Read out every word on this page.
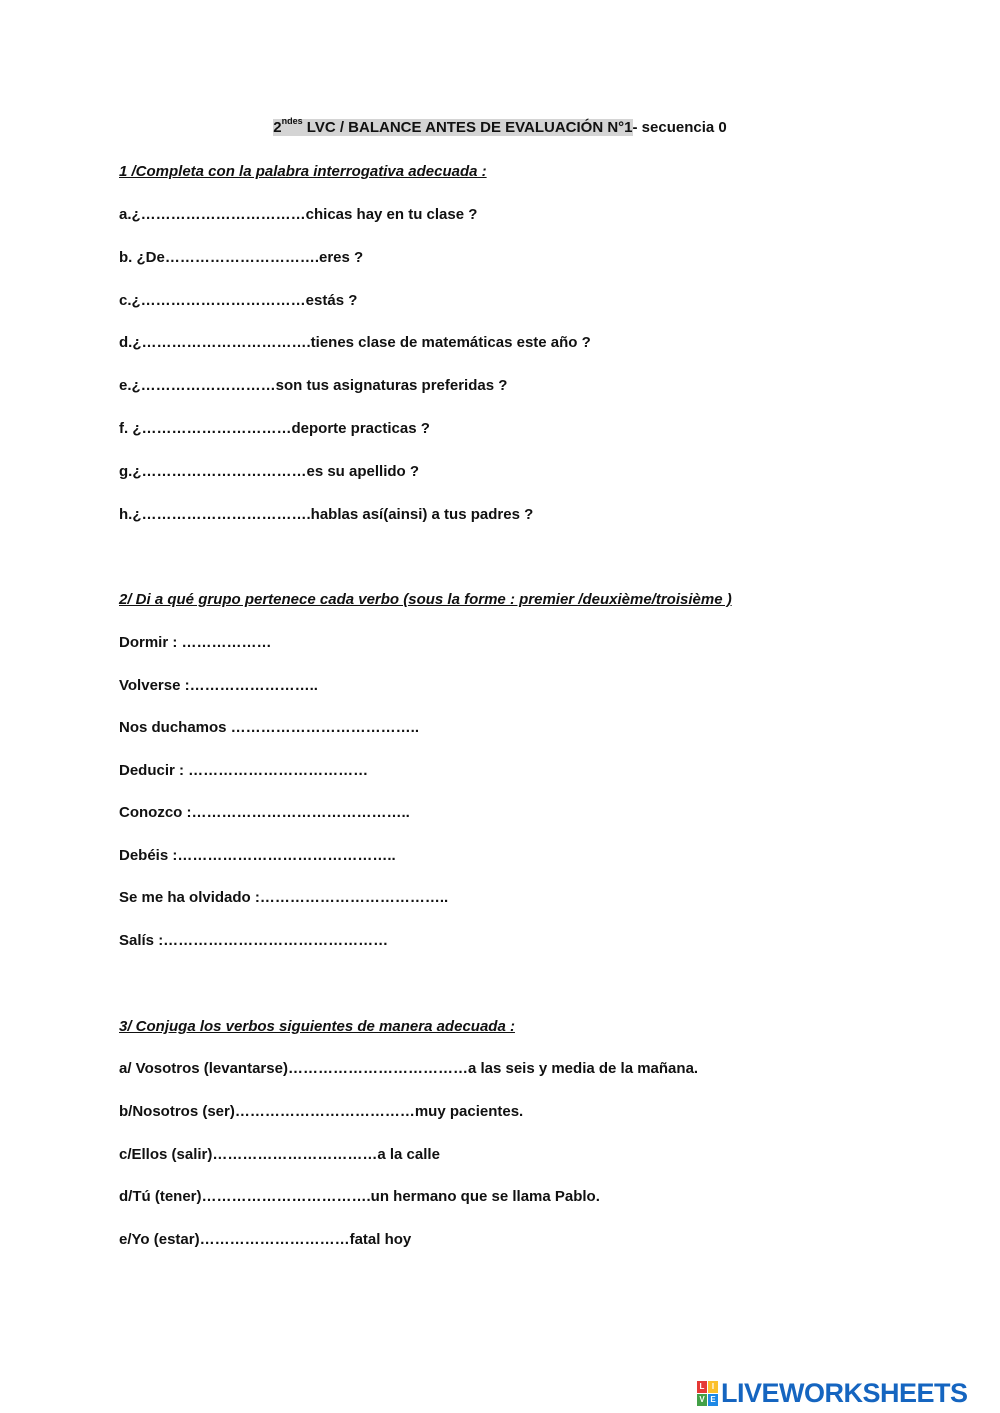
$2^{ndes}$ LVC / BALANCE ANTES DE EVALUACIÓN N°1- secuencia 0
1 /Completa con la palabra interrogativa adecuada :
a.¿……………………………chicas hay en tu clase ?
b. ¿De………………………….eres ?
c.¿……………………………estás ?
d.¿…………………………….tienes clase de matemáticas este año ?
e.¿………………………son tus asignaturas preferidas ?
f. ¿…………………………deporte practicas ?
g.¿……………………………es su apellido ?
h.¿…………………………….hablas así(ainsi) a tus padres ?
2/ Di a qué grupo pertenece cada verbo (sous la forme : premier /deuxième/troisième )
Dormir : ………………
Volverse :……………………..
Nos duchamos ………………………………..
Deducir : ………………………………
Conozco :……………………………………..
Debéis :……………………………………..
Se me ha olvidado :………………………………..
Salís :………………………………………
3/ Conjuga los verbos siguientes de manera adecuada :
a/ Vosotros (levantarse)………………………………a las seis y media de la mañana.
b/Nosotros (ser)………………………………muy pacientes.
c/Ellos (salir)……………………………a la calle
d/Tú (tener)…………………………….un hermano que se llama Pablo.
e/Yo (estar)…………………………fatal hoy
L I
V E LIVEWORKSHEETS
